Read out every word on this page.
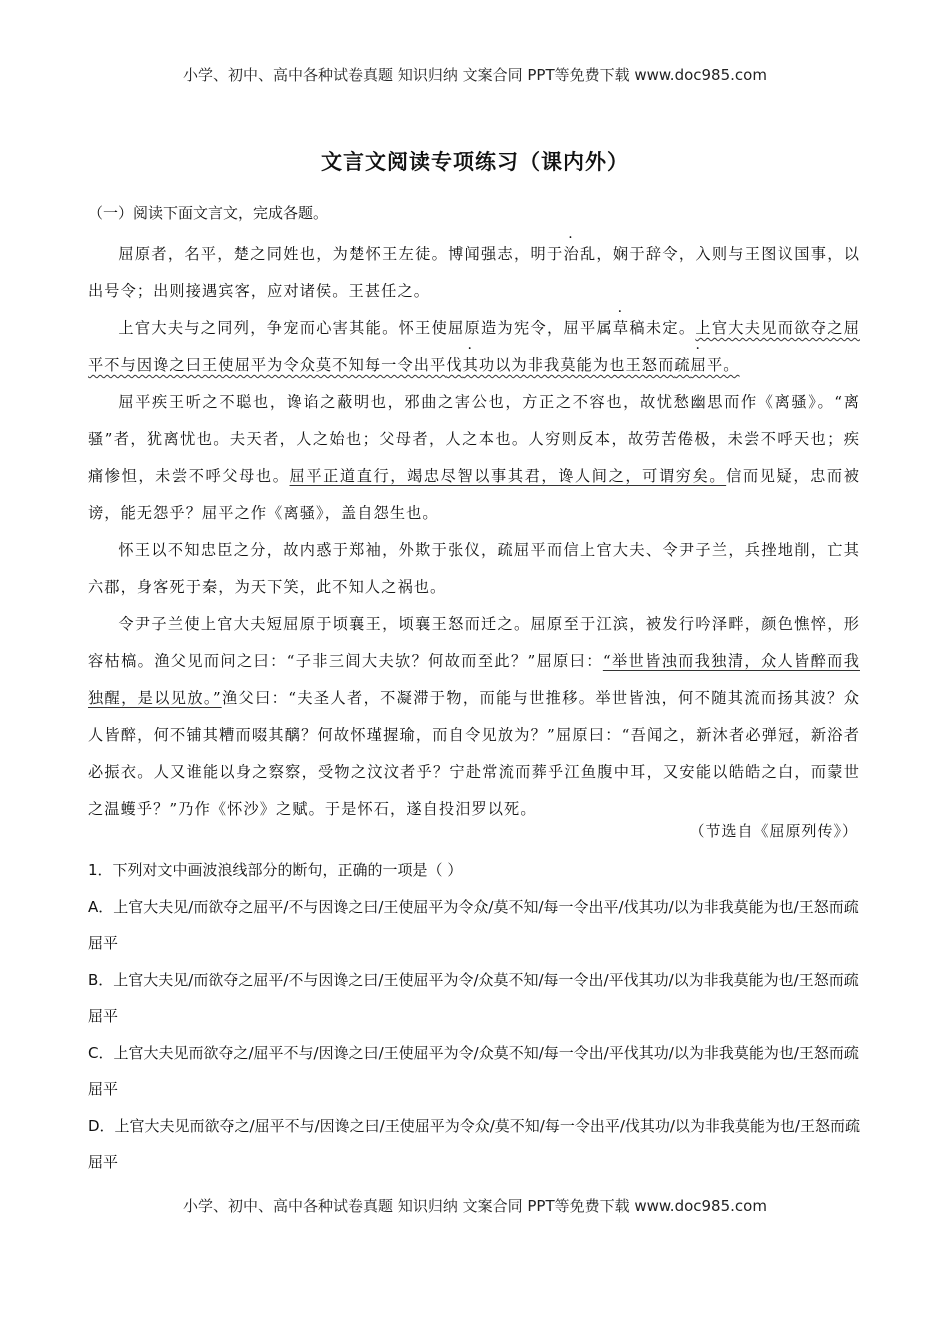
小学、初中、高中各种试卷真题 知识归纳 文案合同 PPT等免费下载 www.doc985.com
文言文阅读专项练习（课内外）
（一）阅读下面文言文，完成各题。

屈原者，名平，楚之同姓也，为楚怀王左徒。博闻强志，明于治乱，娴于辞令，入则与王图议国事，以出号令；出则接遇宾客，应对诸侯。王甚任之。

上官大夫与之同列，争宠而心害其能。怀王使屈原造为宪令，屈平属草稿未定。上官大夫见而欲夺之屈平不与因谗之曰王使屈平为令众莫不知每一令出平伐其功以为非我莫能为也王怒而疏屈平。

屈平疾王听之不聪也，谗谄之蔽明也，邪曲之害公也，方正之不容也，故忧愁幽思而作《离骚》。“离骚”者，犹离忧也。夫天者，人之始也；父母者，人之本也。人穷则反本，故劳苦倦极，未尝不呼天也；疾痛惨怛，未尝不呼父母也。屈平正道直行，竭忠尽智以事其君，谗人间之，可谓穷矣。信而见疑，忠而被谤，能无怨乎？屈平之作《离骚》，盖自怨生也。

怀王以不知忠臣之分，故内惑于郑袖，外欺于张仪，疏屈平而信上官大夫、令尹子兰，兵挫地削，亡其六郡，身客死于秦，为天下笑，此不知人之祸也。

令尹子兰使上官大夫短屈原于顷襄王，顷襄王怒而迁之。屈原至于江滨，被发行吟泽畔，颜色憔悴，形容枯槁。渔父见而问之曰：“子非三闾大夫欤？何故而至此？”屈原曰：“举世皆浊而我独清，众人皆醉而我独醒，是以见放。”渔父曰：“夫圣人者，不凝滞于物，而能与世推移。举世皆浊，何不随其流而扬其波？众人皆醉，何不铺其糟而啜其醨？何故怀瑾握瑜，而自令见放为？”屈原曰：“吾闻之，新沐者必弹冠，新浴者必振衣。人又谁能以身之察察，受物之汶汶者乎？宁赴常流而葬乎江鱼腹中耳，又安能以皓皓之白，而蒙世之温蠖乎？”乃作《怀沙》之赋。于是怀石，遂自投汨罗以死。

（节选自《屈原列传》）

1．下列对文中画波浪线部分的断句，正确的一项是（ ）

A．上官大夫见/而欲夺之屈平/不与因谗之曰/王使屈平为令众/莫不知/每一令出平/伐其功/以为非我莫能为也/王怒而疏屈平

B．上官大夫见/而欲夺之屈平/不与因谗之曰/王使屈平为令/众莫不知/每一令出/平伐其功/以为非我莫能为也/王怒而疏屈平

C．上官大夫见而欲夺之/屈平不与/因谗之曰/王使屈平为令/众莫不知/每一令出/平伐其功/以为非我莫能为也/王怒而疏屈平

D．上官大夫见而欲夺之/屈平不与/因谗之曰/王使屈平为令众/莫不知/每一令出平/伐其功/以为非我莫能为也/王怒而疏屈平

小学、初中、高中各种试卷真题 知识归纳 文案合同 PPT等免费下载 www.doc985.com
